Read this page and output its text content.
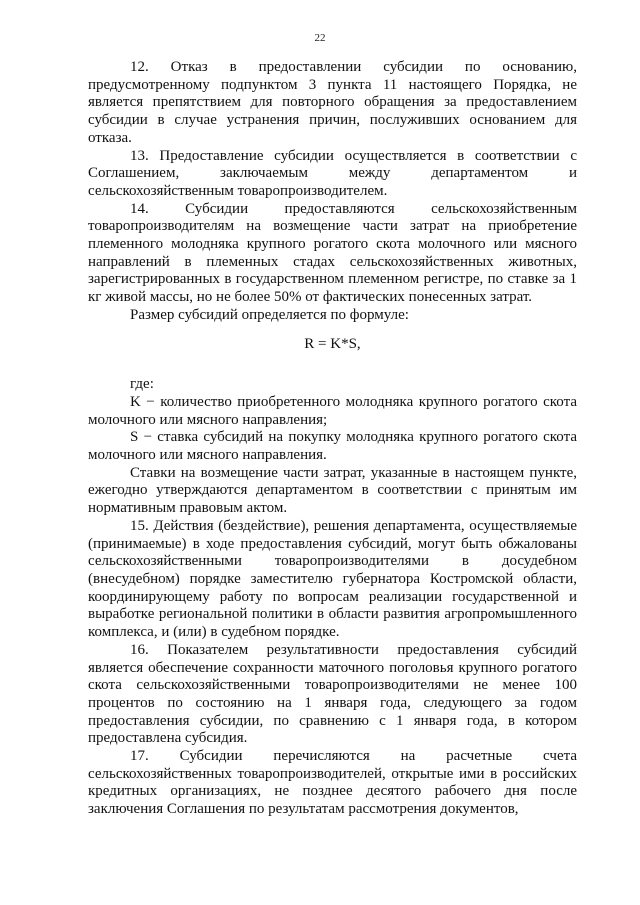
22

12. Отказ в предоставлении субсидии по основанию, предусмотренному подпунктом 3 пункта 11 настоящего Порядка, не является препятствием для повторного обращения за предоставлением субсидии в случае устранения причин, послуживших основанием для отказа.

13. Предоставление субсидии осуществляется в соответствии с Соглашением, заключаемым между департаментом и сельскохозяйственным товаропроизводителем.

14. Субсидии предоставляются сельскохозяйственным товаропроизводителям на возмещение части затрат на приобретение племенного молодняка крупного рогатого скота молочного или мясного направлений в племенных стадах сельскохозяйственных животных, зарегистрированных в государственном племенном регистре, по ставке за 1 кг живой массы, но не более 50% от фактических понесенных затрат.

Размер субсидий определяется по формуле:

R = K*S,

где:

K − количество приобретенного молодняка крупного рогатого скота молочного или мясного направления;

S − ставка субсидий на покупку молодняка крупного рогатого скота молочного или мясного направления.

Ставки на возмещение части затрат, указанные в настоящем пункте, ежегодно утверждаются департаментом в соответствии с принятым им нормативным правовым актом.

15. Действия (бездействие), решения департамента, осуществляемые (принимаемые) в ходе предоставления субсидий, могут быть обжалованы сельскохозяйственными товаропроизводителями в досудебном (внесудебном) порядке заместителю губернатора Костромской области, координирующему работу по вопросам реализации государственной и выработке региональной политики в области развития агропромышленного комплекса, и (или) в судебном порядке.

16. Показателем результативности предоставления субсидий является обеспечение сохранности маточного поголовья крупного рогатого скота сельскохозяйственными товаропроизводителями не менее 100 процентов по состоянию на 1 января года, следующего за годом предоставления субсидии, по сравнению с 1 января года, в котором предоставлена субсидия.

17. Субсидии перечисляются на расчетные счета сельскохозяйственных товаропроизводителей, открытые ими в российских кредитных организациях, не позднее десятого рабочего дня после заключения Соглашения по результатам рассмотрения документов,
